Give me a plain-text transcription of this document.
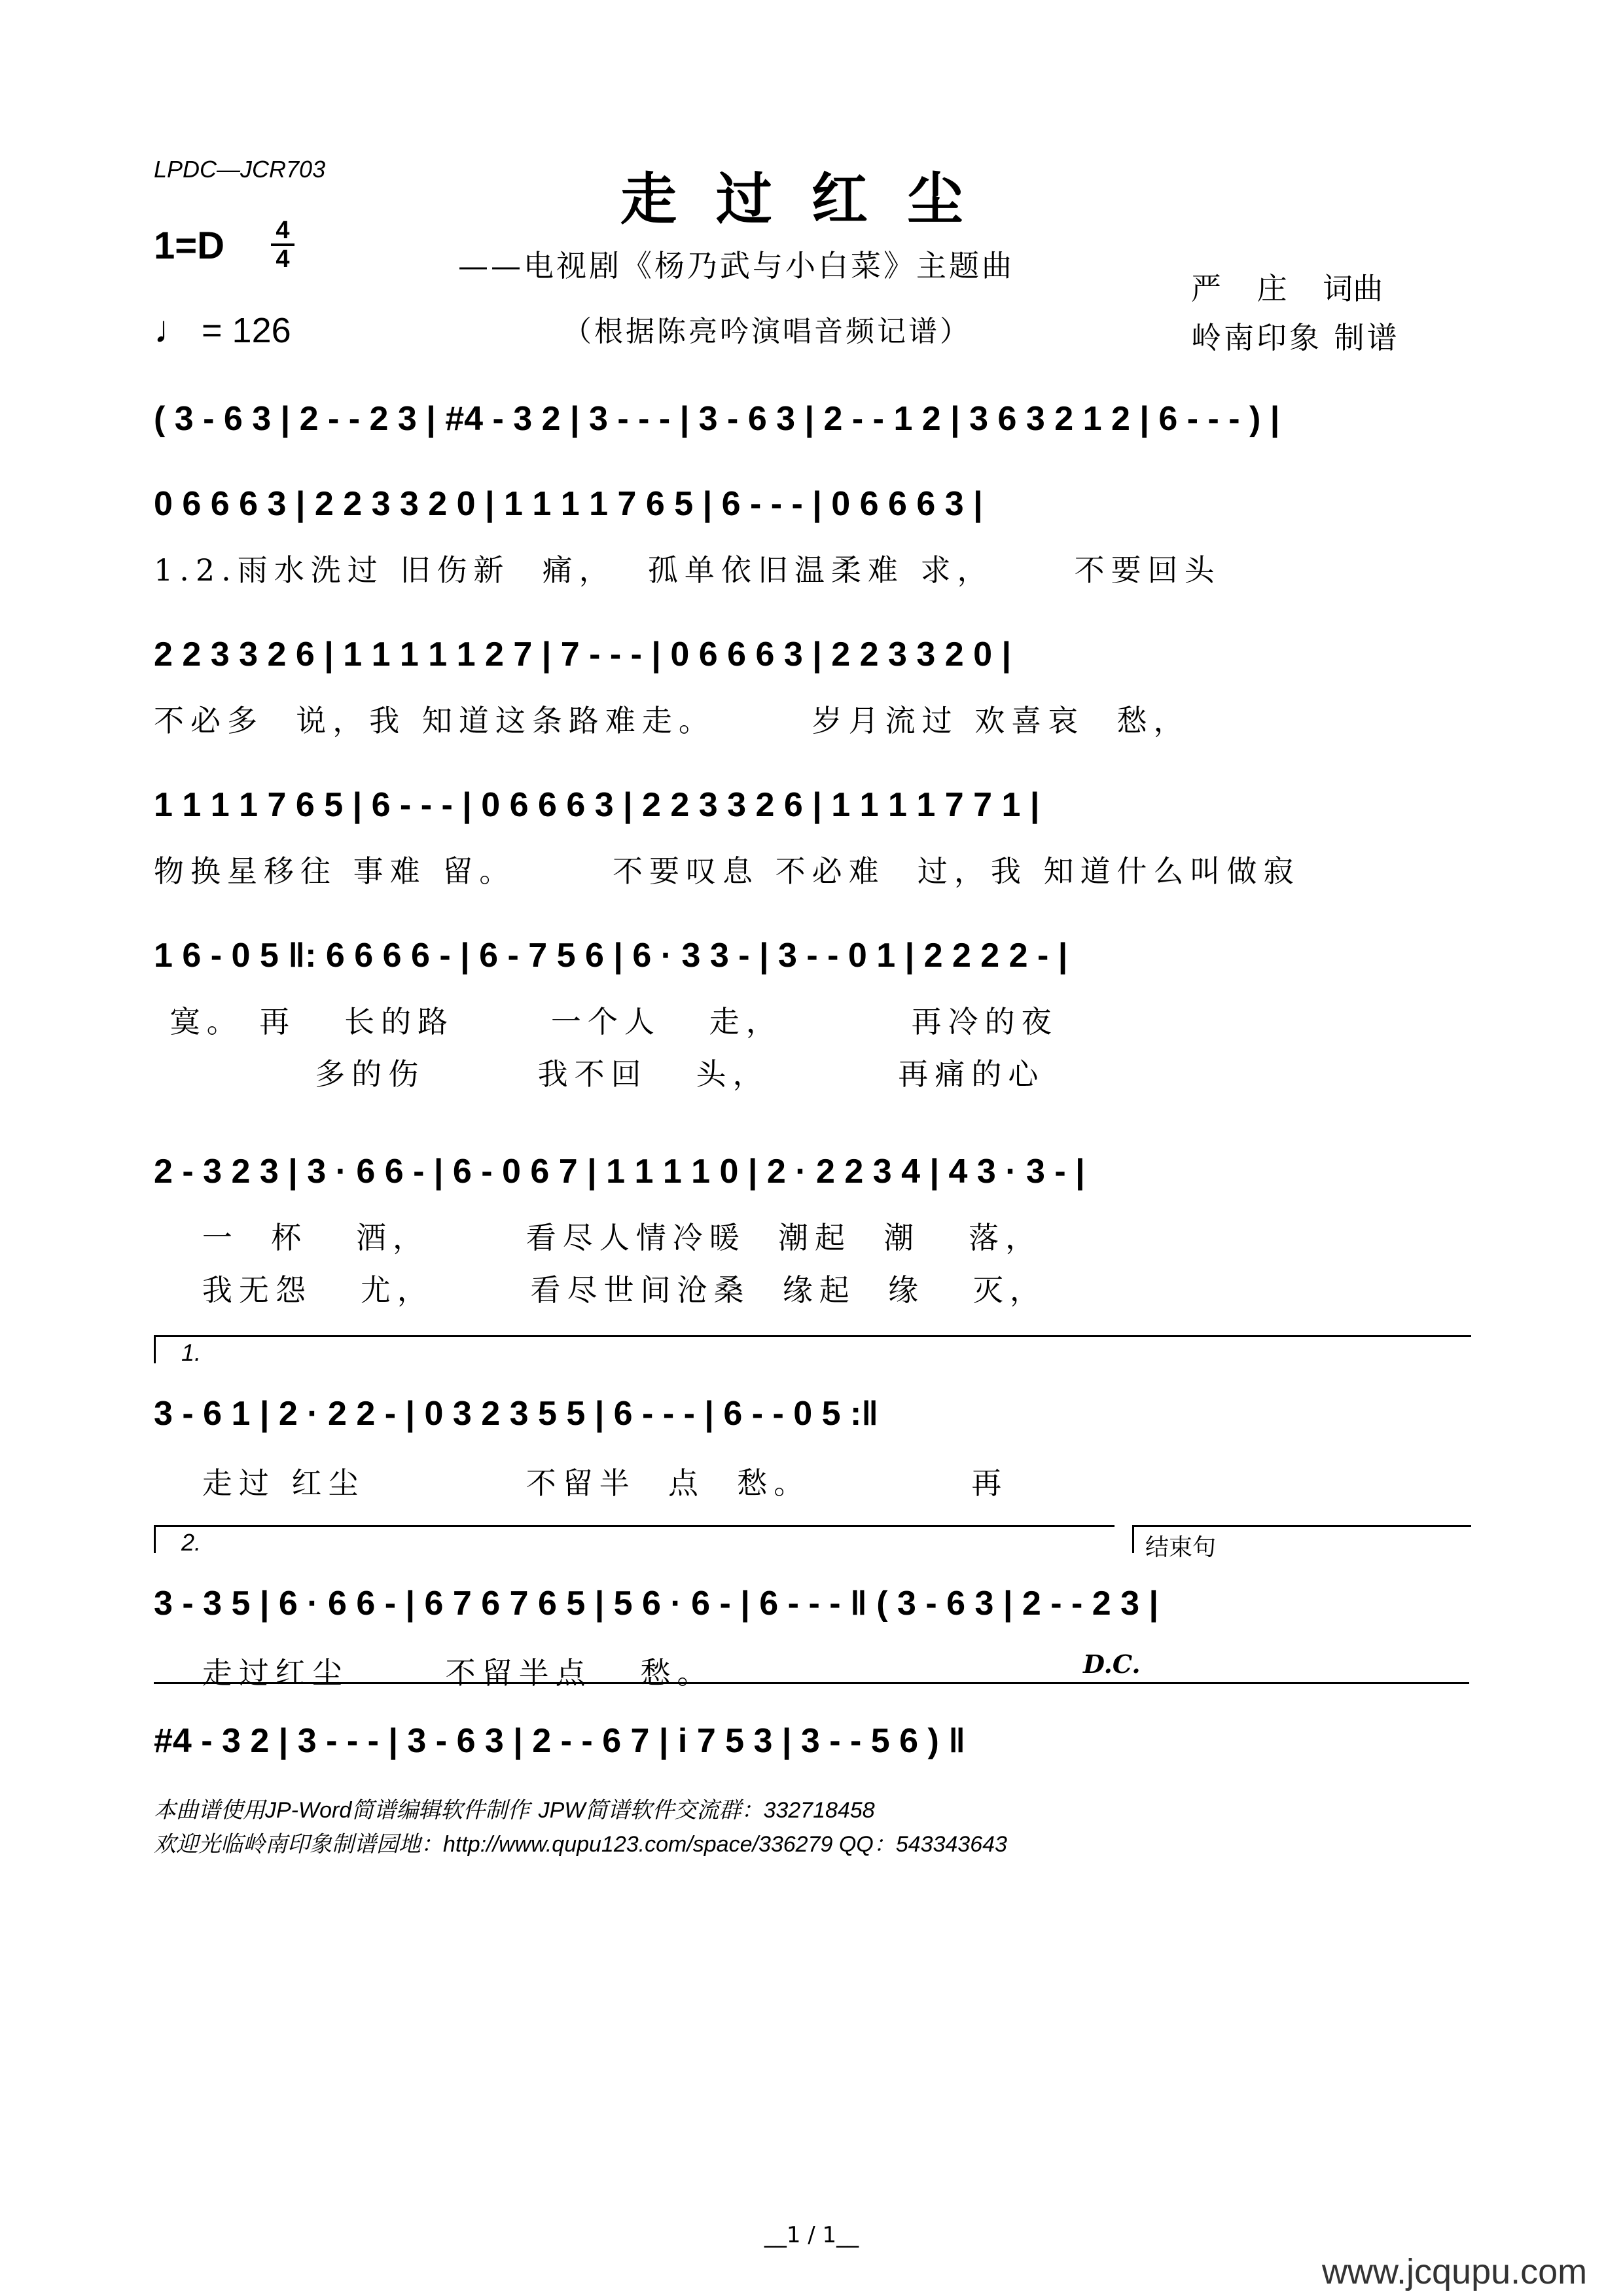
LPDC—JCR703	走过红尘
1=D 4
4
♩ = 126
——电视剧《杨乃武与小白菜》主题曲
（根据陈亮吟演唱音频记谱）
严 庄 词曲
岭南印象 制谱
( 3 - 6 3 | 2 - - 2 3 | #4 - 3 2 | 3 - - - | 3 - 6 3 | 2 - - 1 2 | 3 6 3 2 1 2 | 6 - - - ) |
0 6 6 6 3 | 2 2 3 3 2 0 | 1 1 1 1 7 6 5 | 6 - - - | 0 6 6 6 3 |
1.2.雨水洗过 旧伤新  痛，  孤单依旧温柔难 求，     不要回头
2 2 3 3 2 6 | 1 1 1 1 1 2 7 | 7 - - - | 0 6 6 6 3 | 2 2 3 3 2 0 |
不必多  说，我 知道这条路难走。      岁月流过 欢喜哀  愁，
1 1 1 1 7 6 5 | 6 - - - | 0 6 6 6 3 | 2 2 3 3 2 6 | 1 1 1 1 7 7 1 |
物换星移往 事难 留。      不要叹息 不必难  过，我 知道什么叫做寂
1 6 - 0 5 ‖: 6 6 6 6 - | 6 - 7 5 6 | 6 · 3 3 - | 3 - - 0 1 | 2 2 2 2 - |
寞。 再   长的路      一个人   走，        再冷的夜
多的伤       我不回   头，        再痛的心
2 - 3 2 3 | 3 · 6 6 - | 6 - 0 6 7 | 1 1 1 1 0 | 2 · 2 2 3 4 | 4 3 · 3 - |
一  杯   酒，      看尽人情冷暖  潮起  潮   落，
我无怨   尤，      看尽世间沧桑  缘起  缘   灭，
1.
3 - 6 1 | 2 · 2 2 - | 0 3 2 3 5 5 | 6 - - - | 6 - - 0 5 :‖
走过 红尘          不留半  点  愁。          再
2.	结束句
3 - 3 5 | 6 · 6 6 - | 6 7 6 7 6 5 | 5 6 · 6 - | 6 - - - ‖ ( 3 - 6 3 | 2 - - 2 3 |
走过红尘      不留半点   愁。	D.C.
#4 - 3 2 | 3 - - - | 3 - 6 3 | 2 - - 6 7 | i 7 5 3 | 3 - - 5 6 ) ‖
本曲谱使用JP-Word简谱编辑软件制作 JPW简谱软件交流群：332718458
欢迎光临岭南印象制谱园地：http://www.qupu123.com/space/336279 QQ：543343643
__1 / 1__
www.jcqupu.com
